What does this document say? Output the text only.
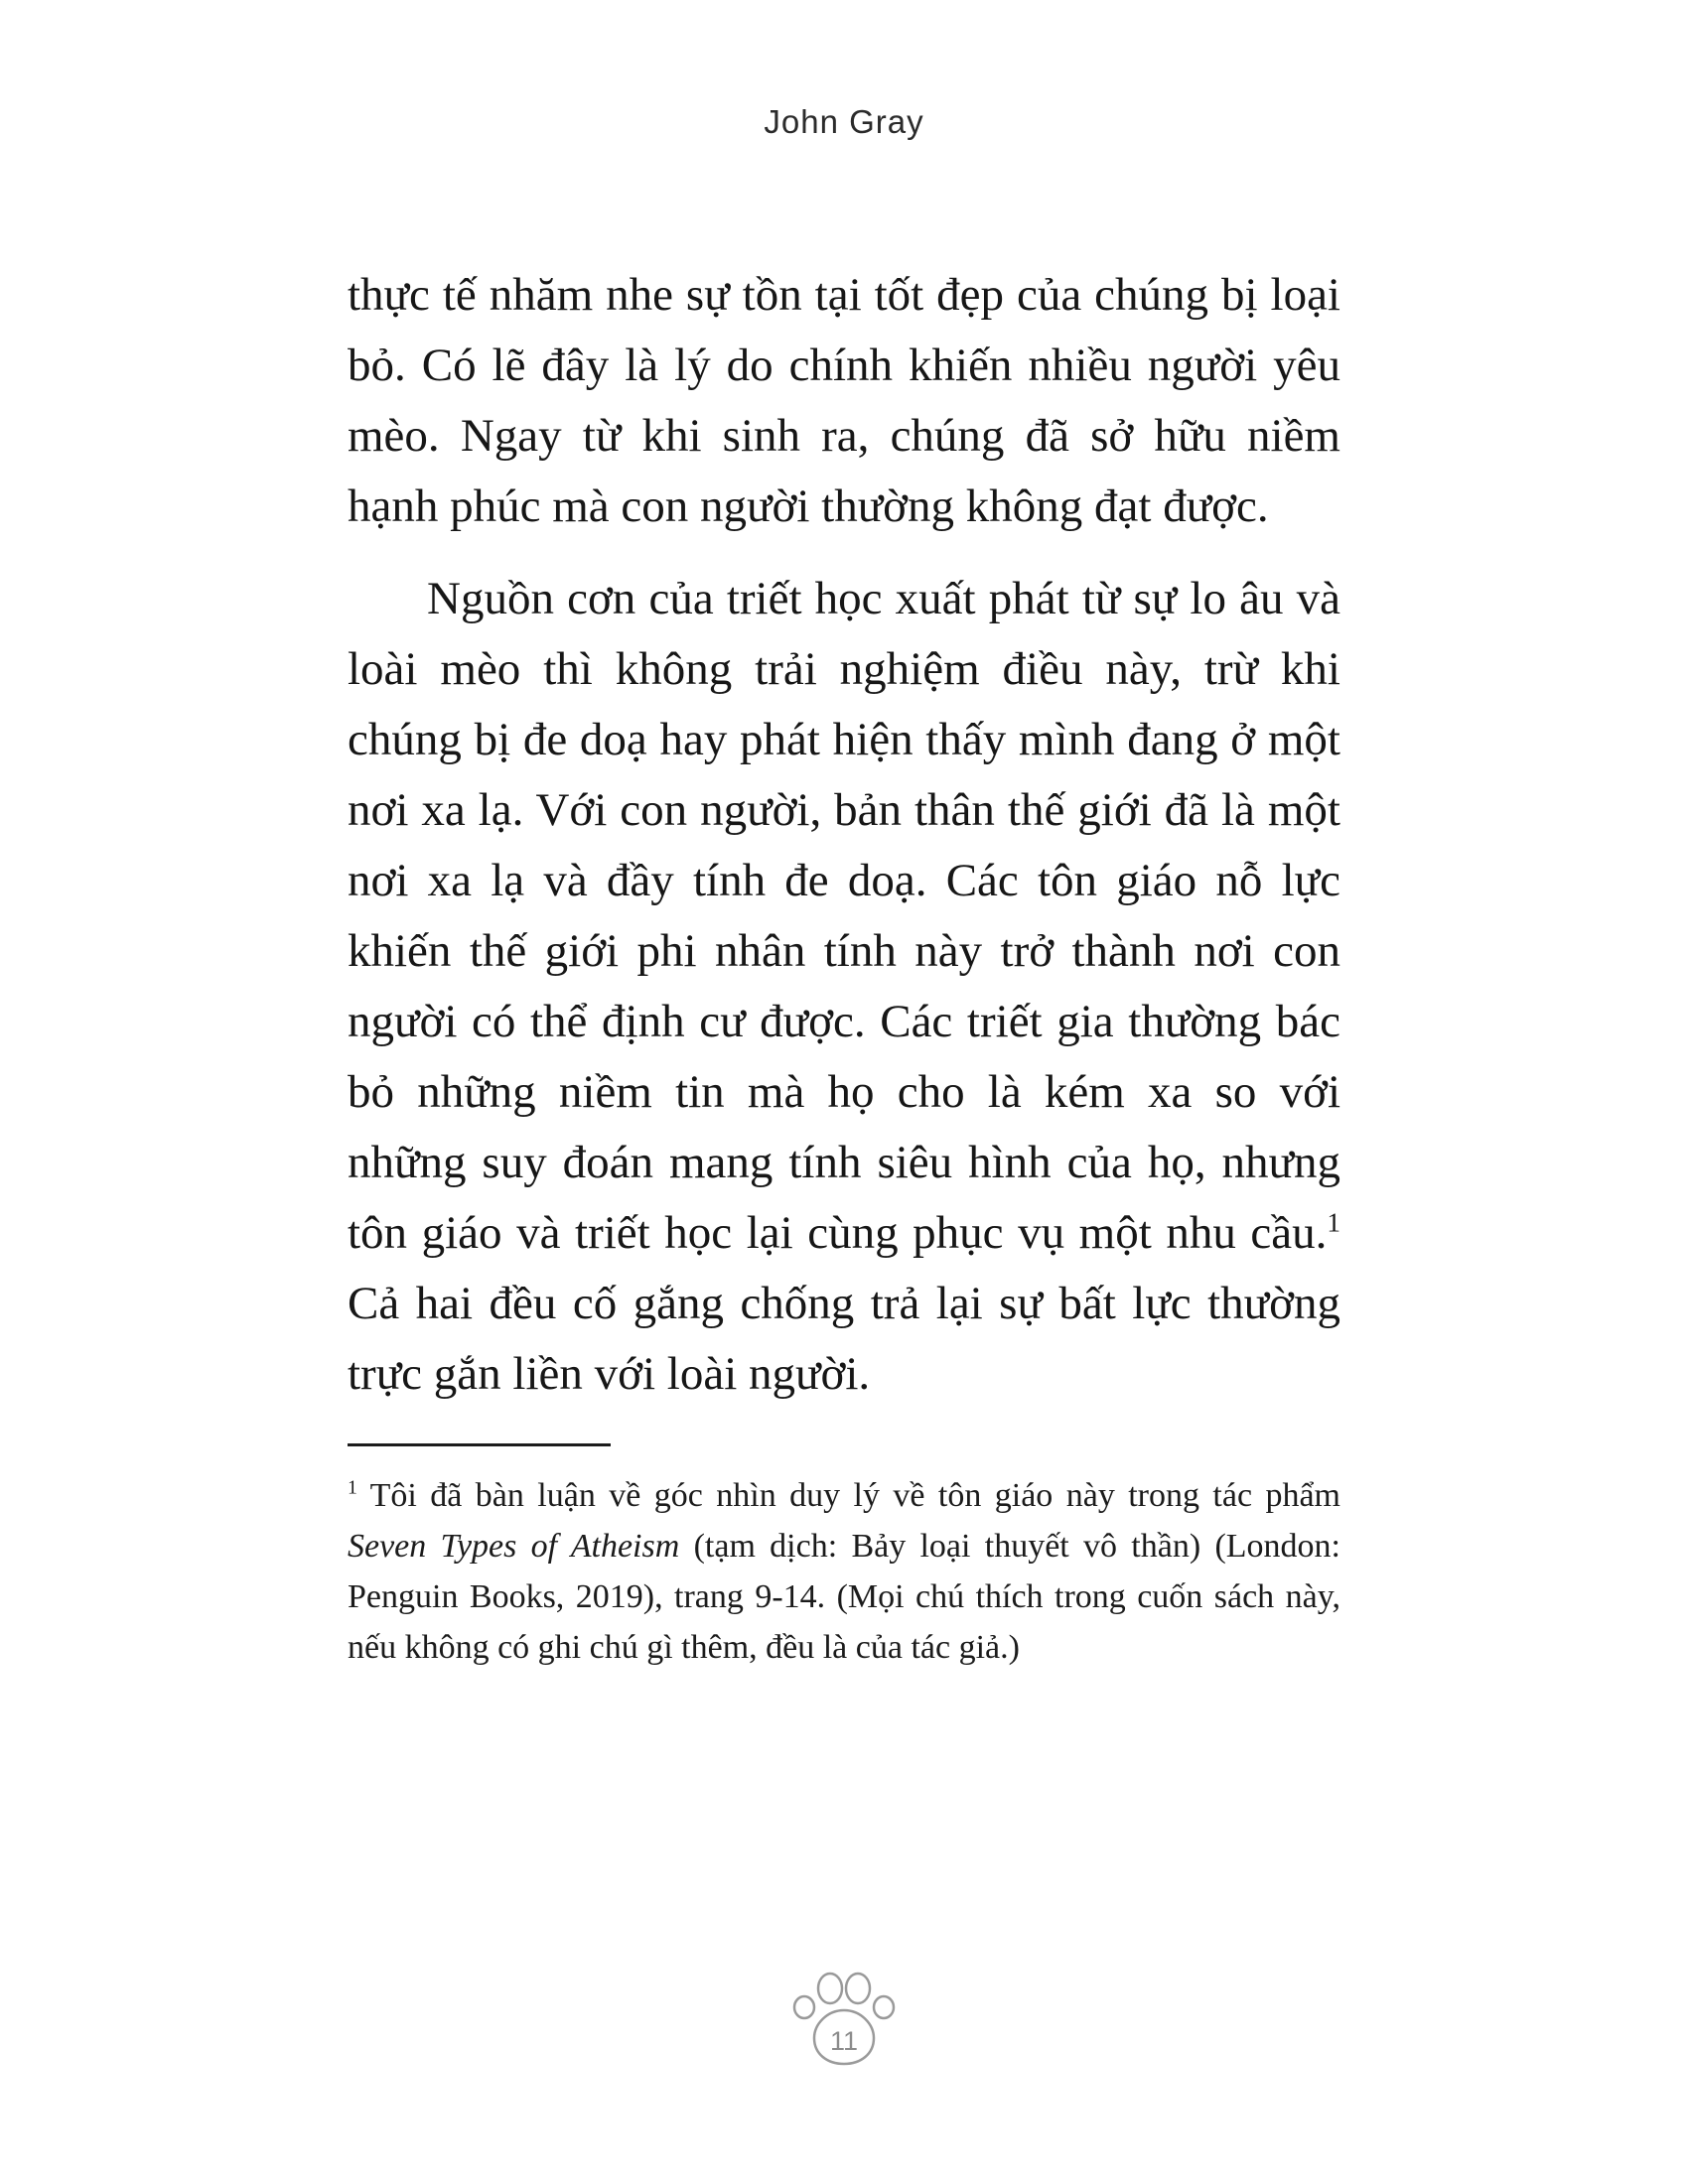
John Gray

thực tế nhăm nhe sự tồn tại tốt đẹp của chúng bị loại bỏ. Có lẽ đây là lý do chính khiến nhiều người yêu mèo. Ngay từ khi sinh ra, chúng đã sở hữu niềm hạnh phúc mà con người thường không đạt được.

Nguồn cơn của triết học xuất phát từ sự lo âu và loài mèo thì không trải nghiệm điều này, trừ khi chúng bị đe doạ hay phát hiện thấy mình đang ở một nơi xa lạ. Với con người, bản thân thế giới đã là một nơi xa lạ và đầy tính đe doạ. Các tôn giáo nỗ lực khiến thế giới phi nhân tính này trở thành nơi con người có thể định cư được. Các triết gia thường bác bỏ những niềm tin mà họ cho là kém xa so với những suy đoán mang tính siêu hình của họ, nhưng tôn giáo và triết học lại cùng phục vụ một nhu cầu.$^1$ Cả hai đều cố gắng chống trả lại sự bất lực thường trực gắn liền với loài người.

$^1$ Tôi đã bàn luận về góc nhìn duy lý về tôn giáo này trong tác phẩm Seven Types of Atheism (tạm dịch: Bảy loại thuyết vô thần) (London: Penguin Books, 2019), trang 9-14. (Mọi chú thích trong cuốn sách này, nếu không có ghi chú gì thêm, đều là của tác giả.)

11
